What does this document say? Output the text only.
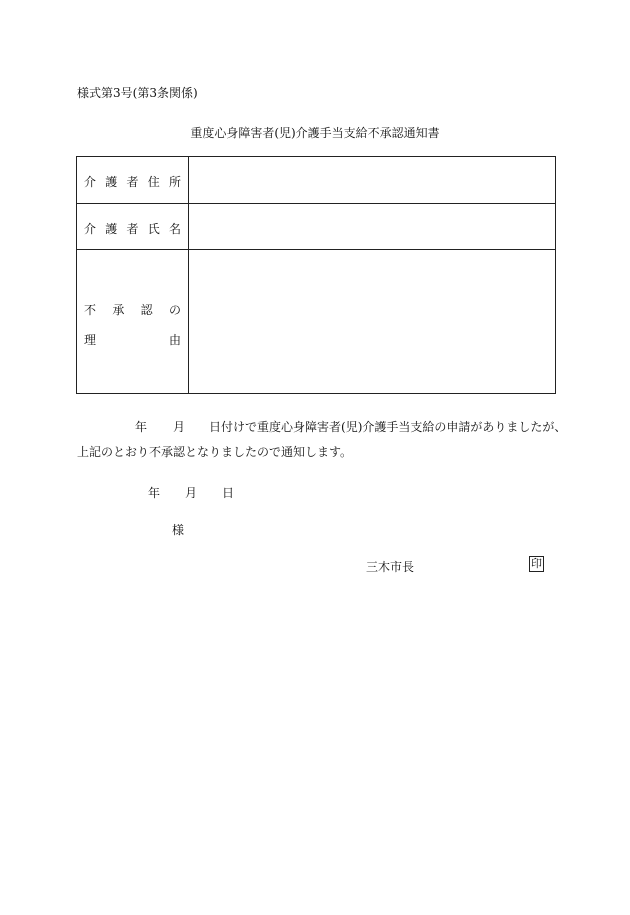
様式第3号(第3条関係)
重度心身障害者(児)介護手当支給不承認通知書
介 護 者 住 所
介 護 者 氏 名
不 承 認 の
理	由
年 月 日付けで重度心身障害者(児)介護手当支給の申請がありましたが、
上記のとおり不承認となりましたので通知します。
年 月 日
様
三木市長	印
